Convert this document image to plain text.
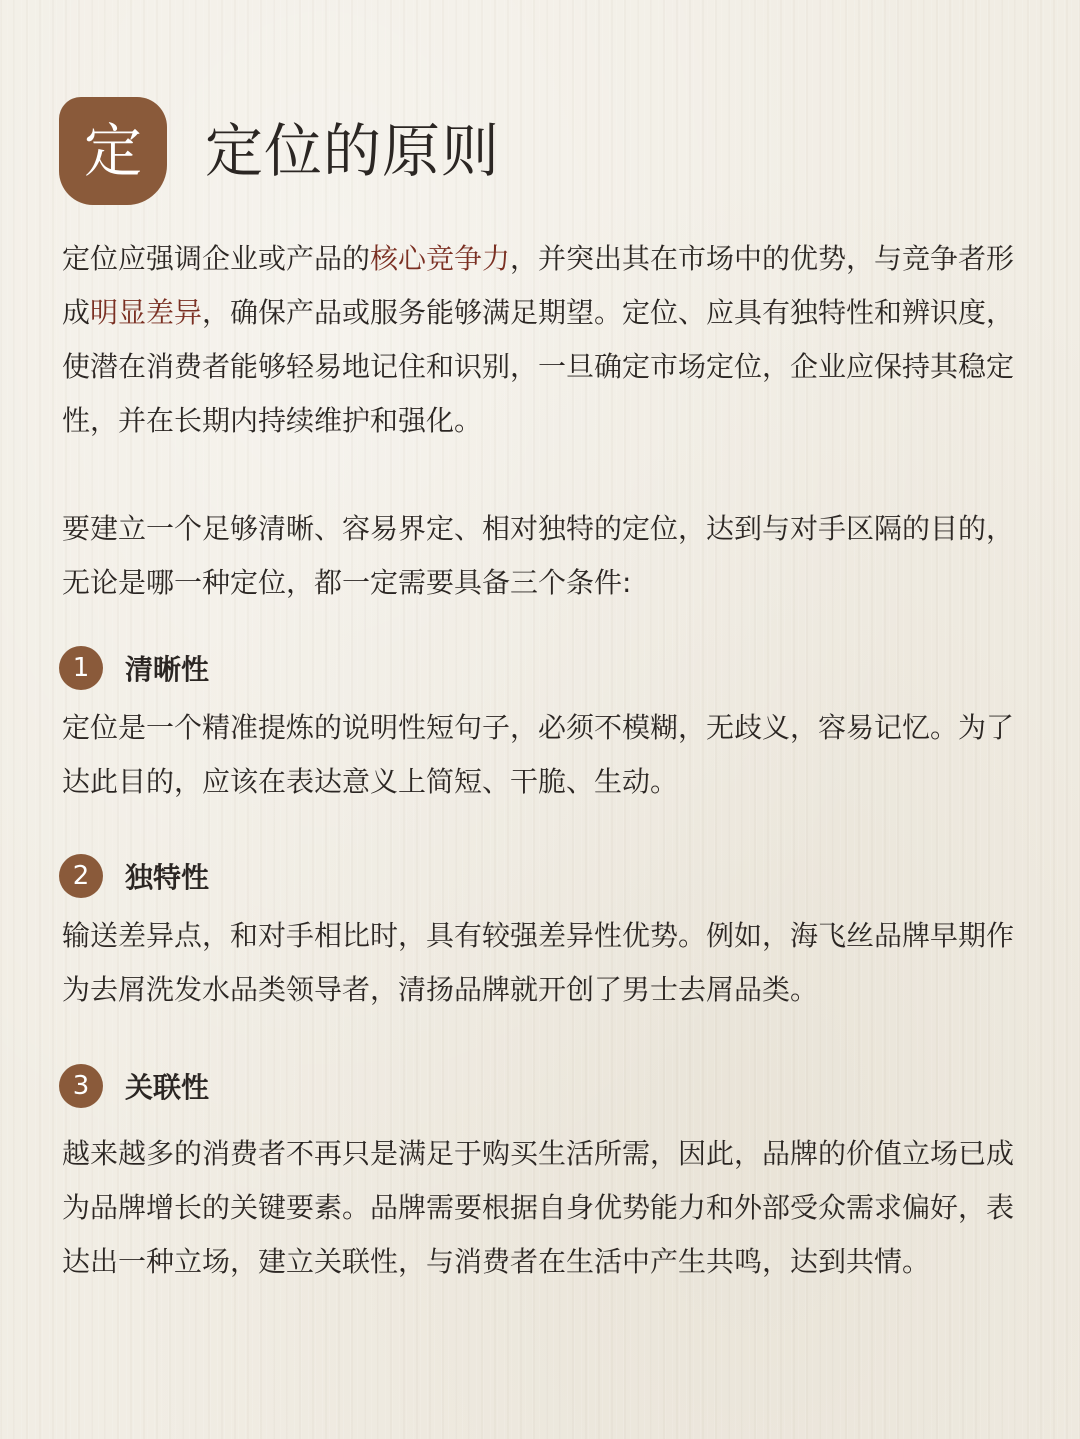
定 定位的原则

定位应强调企业或产品的核心竞争力，并突出其在市场中的优势，与竞争者形成明显差异，确保产品或服务能够满足期望。定位、应具有独特性和辨识度，使潜在消费者能够轻易地记住和识别，一旦确定市场定位，企业应保持其稳定性，并在长期内持续维护和强化。

要建立一个足够清晰、容易界定、相对独特的定位，达到与对手区隔的目的，无论是哪一种定位，都一定需要具备三个条件:

1	清晰性

定位是一个精准提炼的说明性短句子，必须不模糊，无歧义，容易记忆。为了达此目的，应该在表达意义上简短、干脆、生动。

2	独特性

输送差异点，和对手相比时，具有较强差异性优势。例如，海飞丝品牌早期作为去屑洗发水品类领导者，清扬品牌就开创了男士去屑品类。

3	关联性

越来越多的消费者不再只是满足于购买生活所需，因此，品牌的价值立场已成为品牌增长的关键要素。品牌需要根据自身优势能力和外部受众需求偏好，表达出一种立场，建立关联性，与消费者在生活中产生共鸣，达到共情。
